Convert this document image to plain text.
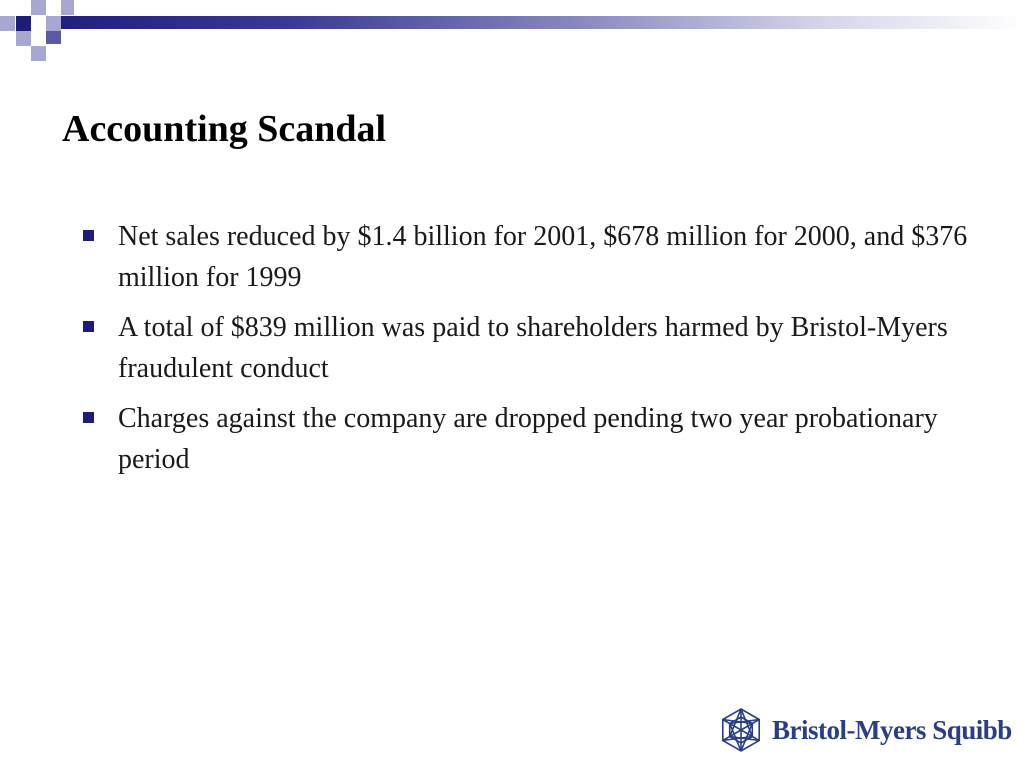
Accounting Scandal
Net sales reduced by $1.4 billion for 2001, $678 million for 2000, and $376 million for 1999
A total of $839 million was paid to shareholders harmed by Bristol-Myers fraudulent conduct
Charges against the company are dropped pending two year probationary period
Bristol-Myers Squibb
